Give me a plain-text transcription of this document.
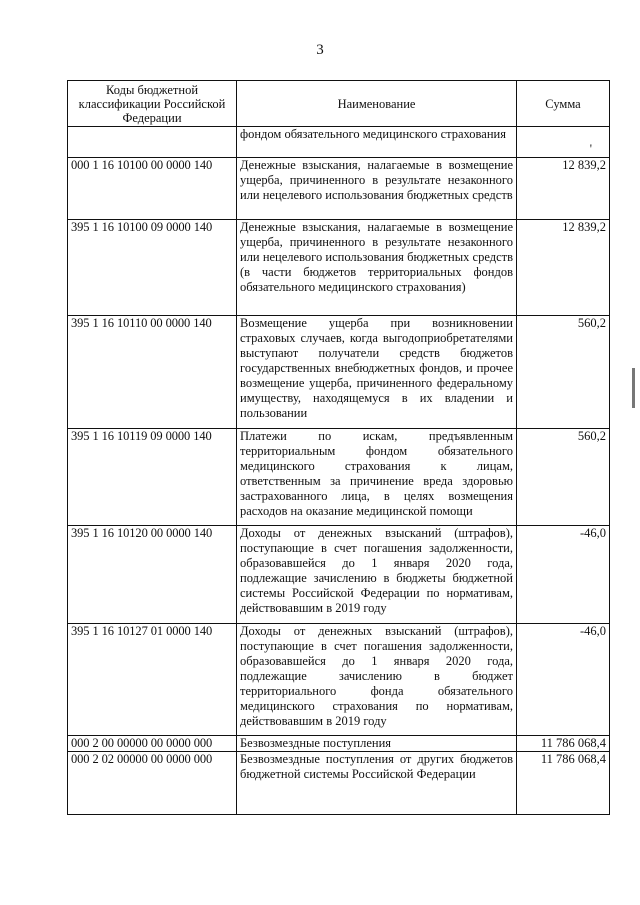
3
Коды бюджетной классификации Российской Федерации	Наименование	Сумма
	фондом обязательного медицинского страхования	'
000 1 16 10100 00 0000 140	Денежные взыскания, налагаемые в возмещение ущерба, причиненного в результате незаконного или нецелевого использования бюджетных средств	12 839,2
395 1 16 10100 09 0000 140	Денежные взыскания, налагаемые в возмещение ущерба, причиненного в результате незаконного или нецелевого использования бюджетных средств (в части бюджетов территориальных фондов обязательного медицинского страхования)	12 839,2
395 1 16 10110 00 0000 140	Возмещение ущерба при возникновении страховых случаев, когда выгодоприобретателями выступают получатели средств бюджетов государственных внебюджетных фондов, и прочее возмещение ущерба, причиненного федеральному имуществу, находящемуся в их владении и пользовании	560,2
395 1 16 10119 09 0000 140	Платежи по искам, предъявленным территориальным фондом обязательного медицинского страхования к лицам, ответственным за причинение вреда здоровью застрахованного лица, в целях возмещения расходов на оказание медицинской помощи	560,2
395 1 16 10120 00 0000 140	Доходы от денежных взысканий (штрафов), поступающие в счет погашения задолженности, образовавшейся до 1 января 2020 года, подлежащие зачислению в бюджеты бюджетной системы Российской Федерации по нормативам, действовавшим в 2019 году	-46,0
395 1 16 10127 01 0000 140	Доходы от денежных взысканий (штрафов), поступающие в счет погашения задолженности, образовавшейся до 1 января 2020 года, подлежащие зачислению в бюджет территориального фонда обязательного медицинского страхования по нормативам, действовавшим в 2019 году	-46,0
000 2 00 00000 00 0000 000	Безвозмездные поступления	11 786 068,4
000 2 02 00000 00 0000 000	Безвозмездные поступления от других бюджетов бюджетной системы Российской Федерации	11 786 068,4
